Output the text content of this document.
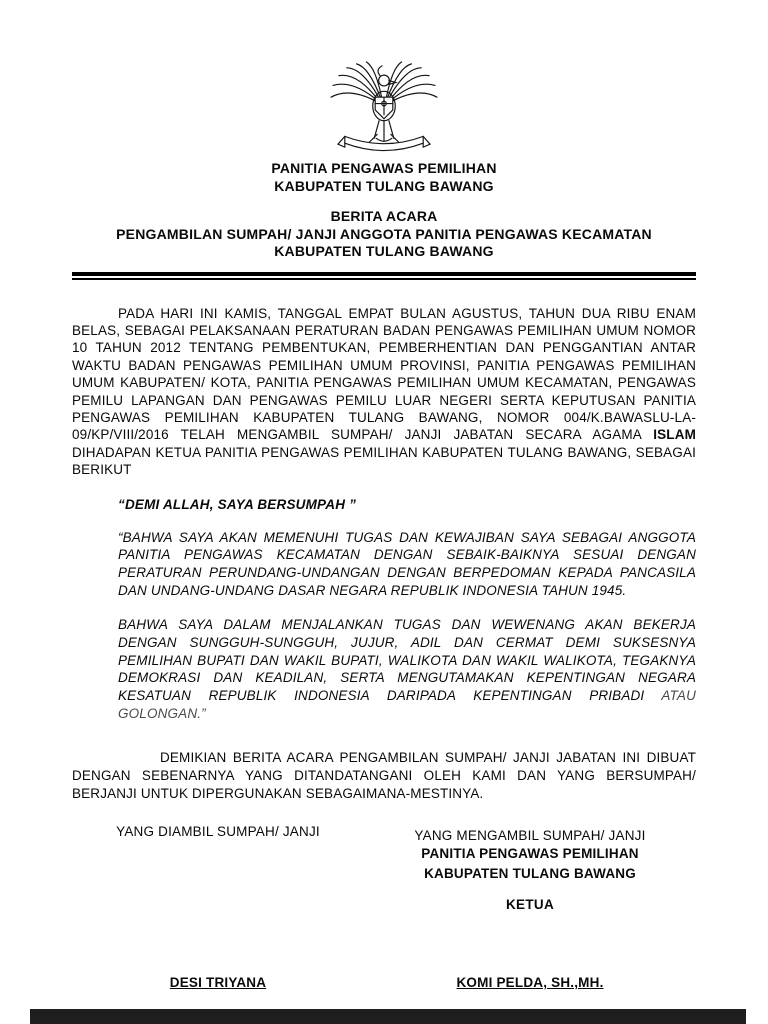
PANITIA PENGAWAS PEMILIHAN
KABUPATEN TULANG BAWANG
BERITA ACARA
PENGAMBILAN SUMPAH/ JANJI ANGGOTA PANITIA PENGAWAS KECAMATAN
KABUPATEN TULANG BAWANG

PADA HARI INI KAMIS, TANGGAL EMPAT BULAN AGUSTUS, TAHUN DUA RIBU ENAM BELAS, SEBAGAI PELAKSANAAN PERATURAN BADAN PENGAWAS PEMILIHAN UMUM NOMOR 10 TAHUN 2012 TENTANG PEMBENTUKAN, PEMBERHENTIAN DAN PENGGANTIAN ANTAR WAKTU BADAN PENGAWAS PEMILIHAN UMUM PROVINSI, PANITIA PENGAWAS PEMILIHAN UMUM KABUPATEN/ KOTA, PANITIA PENGAWAS PEMILIHAN UMUM KECAMATAN, PENGAWAS PEMILU LAPANGAN DAN PENGAWAS PEMILU LUAR NEGERI SERTA KEPUTUSAN PANITIA PENGAWAS PEMILIHAN KABUPATEN TULANG BAWANG, NOMOR 004/K.BAWASLU-LA-09/KP/VIII/2016 TELAH MENGAMBIL SUMPAH/ JANJI JABATAN SECARA AGAMA ISLAM DIHADAPAN KETUA PANITIA PENGAWAS PEMILIHAN KABUPATEN TULANG BAWANG, SEBAGAI BERIKUT

“DEMI ALLAH, SAYA BERSUMPAH ”

“BAHWA SAYA AKAN MEMENUHI TUGAS DAN KEWAJIBAN SAYA SEBAGAI ANGGOTA PANITIA PENGAWAS KECAMATAN DENGAN SEBAIK-BAIKNYA SESUAI DENGAN PERATURAN PERUNDANG-UNDANGAN DENGAN BERPEDOMAN KEPADA PANCASILA DAN UNDANG-UNDANG DASAR NEGARA REPUBLIK INDONESIA TAHUN 1945.

BAHWA SAYA DALAM MENJALANKAN TUGAS DAN WEWENANG AKAN BEKERJA DENGAN SUNGGUH-SUNGGUH, JUJUR, ADIL DAN CERMAT DEMI SUKSESNYA PEMILIHAN BUPATI DAN WAKIL BUPATI, WALIKOTA DAN WAKIL WALIKOTA, TEGAKNYA DEMOKRASI DAN KEADILAN, SERTA MENGUTAMAKAN KEPENTINGAN NEGARA KESATUAN REPUBLIK INDONESIA DARIPADA KEPENTINGAN PRIBADI ATAU GOLONGAN.”

DEMIKIAN BERITA ACARA PENGAMBILAN SUMPAH/ JANJI JABATAN INI DIBUAT DENGAN SEBENARNYA YANG DITANDATANGANI OLEH KAMI DAN YANG BERSUMPAH/ BERJANJI UNTUK DIPERGUNAKAN SEBAGAIMANA-MESTINYA.

YANG DIAMBIL SUMPAH/ JANJI	YANG MENGAMBIL SUMPAH/ JANJI
PANITIA PENGAWAS PEMILIHAN
KABUPATEN TULANG BAWANG
KETUA
DESI TRIYANA	KOMI PELDA, SH.,MH.
